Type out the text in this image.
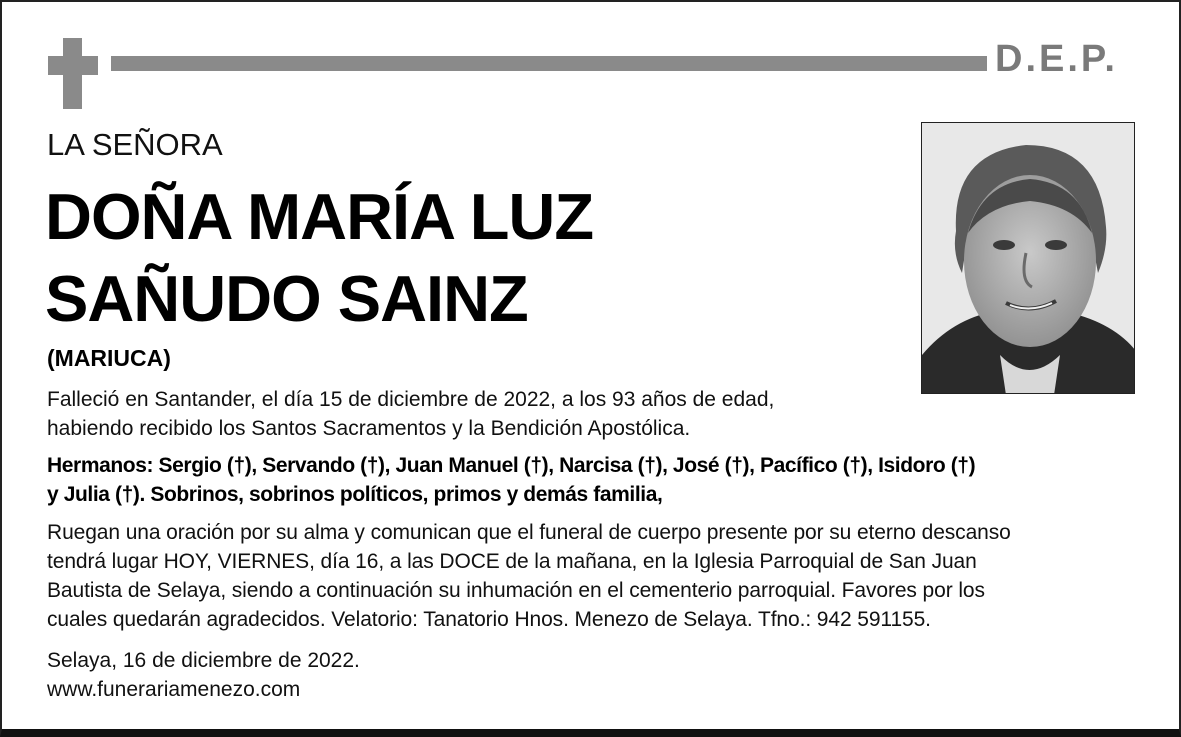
D.E.P.
LA SEÑORA
DOÑA MARÍA LUZ
SAÑUDO SAINZ
(MARIUCA)
Falleció en Santander, el día 15 de diciembre de 2022, a los 93 años de edad,
habiendo recibido los Santos Sacramentos y la Bendición Apostólica.
Hermanos: Sergio (†), Servando (†), Juan Manuel (†), Narcisa (†), José (†), Pacífico (†), Isidoro (†)
y Julia (†). Sobrinos, sobrinos políticos, primos y demás familia,
Ruegan una oración por su alma y comunican que el funeral de cuerpo presente por su eterno descanso
tendrá lugar HOY, VIERNES, día 16, a las DOCE de la mañana, en la Iglesia Parroquial de San Juan
Bautista de Selaya, siendo a continuación su inhumación en el cementerio parroquial. Favores por los
cuales quedarán agradecidos. Velatorio: Tanatorio Hnos. Menezo de Selaya. Tfno.: 942 591155.
Selaya, 16 de diciembre de 2022.
www.funerariamenezo.com
